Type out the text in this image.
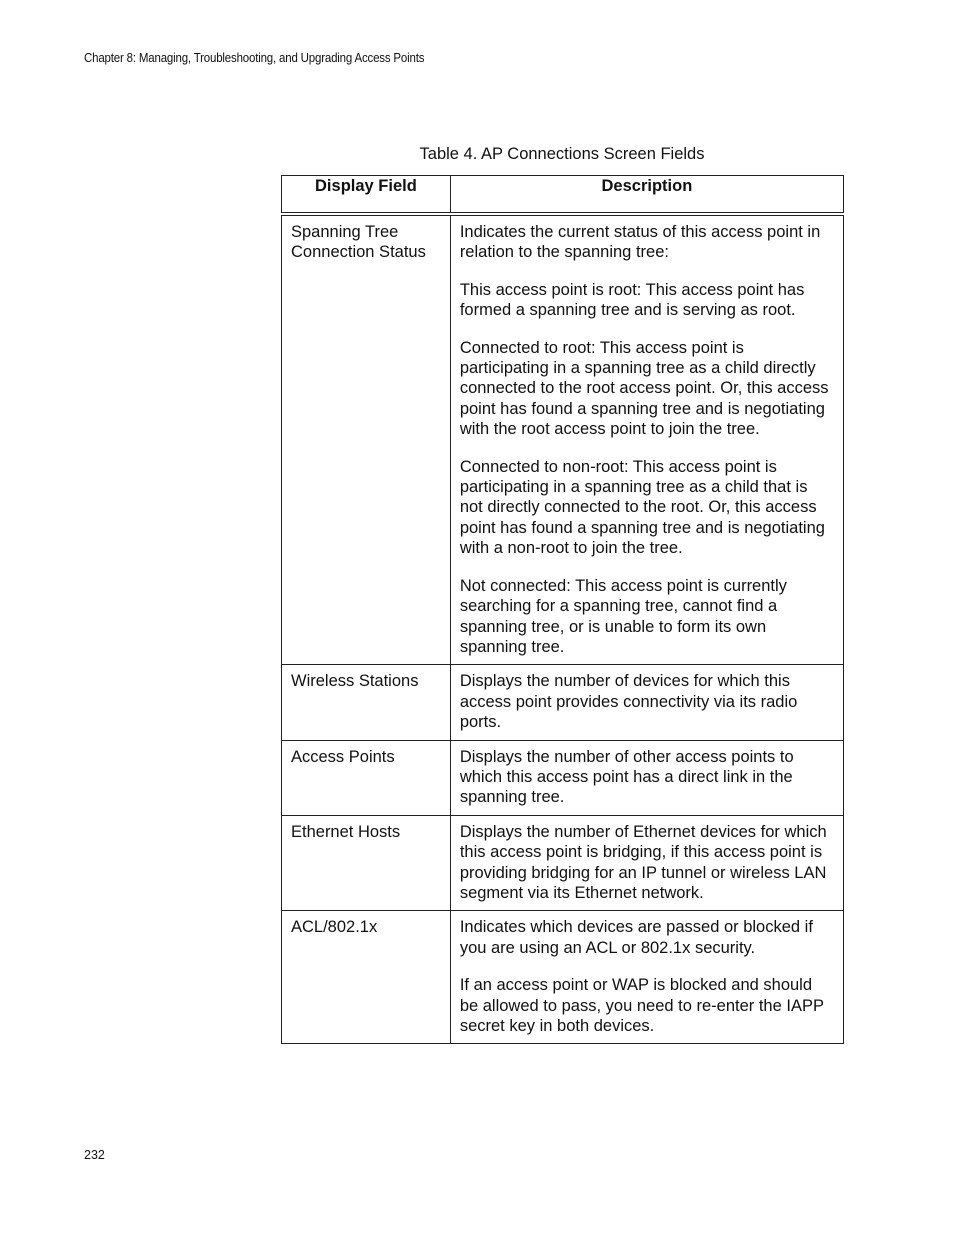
Chapter 8: Managing, Troubleshooting, and Upgrading Access Points
Table 4. AP Connections Screen Fields
Display Field	Description
Spanning Tree Connection Status	Indicates the current status of this access point in relation to the spanning tree:

This access point is root: This access point has formed a spanning tree and is serving as root.

Connected to root: This access point is participating in a spanning tree as a child directly connected to the root access point. Or, this access point has found a spanning tree and is negotiating with the root access point to join the tree.

Connected to non-root: This access point is participating in a spanning tree as a child that is not directly connected to the root. Or, this access point has found a spanning tree and is negotiating with a non-root to join the tree.

Not connected: This access point is currently searching for a spanning tree, cannot find a spanning tree, or is unable to form its own spanning tree.

Wireless Stations	Displays the number of devices for which this access point provides connectivity via its radio ports.

Access Points	Displays the number of other access points to which this access point has a direct link in the spanning tree.

Ethernet Hosts	Displays the number of Ethernet devices for which this access point is bridging, if this access point is providing bridging for an IP tunnel or wireless LAN segment via its Ethernet network.

ACL/802.1x	Indicates which devices are passed or blocked if you are using an ACL or 802.1x security.

If an access point or WAP is blocked and should be allowed to pass, you need to re-enter the IAPP secret key in both devices.

232
